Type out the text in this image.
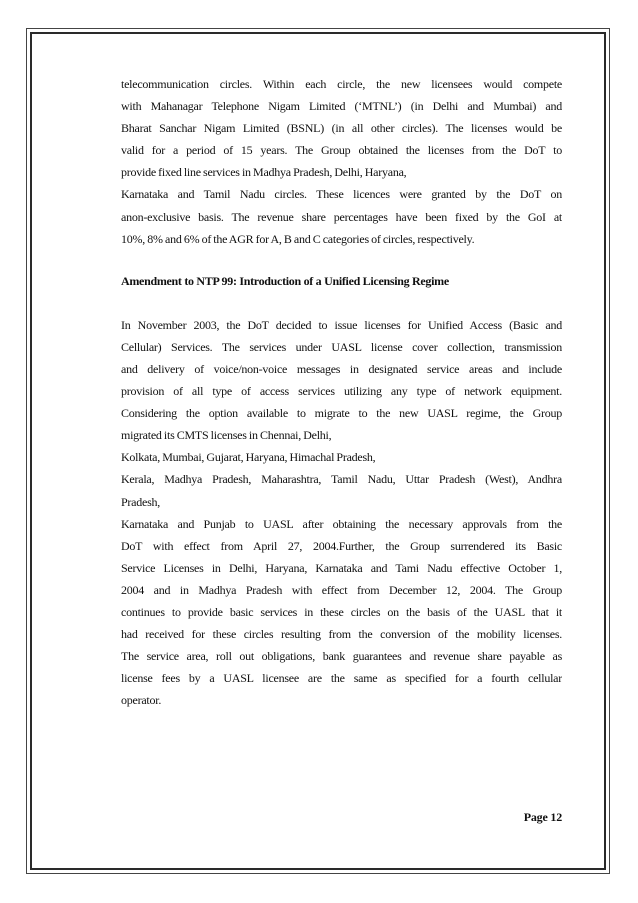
telecommunication circles. Within each circle, the new licensees would compete
with Mahanagar Telephone Nigam Limited (‘MTNL’) (in Delhi and Mumbai) and
Bharat Sanchar Nigam Limited (BSNL) (in all other circles). The licenses would be
valid for a period of 15 years. The Group obtained the licenses from the DoT to
provide fixed line services in Madhya Pradesh, Delhi, Haryana,
Karnataka and Tamil Nadu circles. These licences were granted by the DoT on
anon-exclusive basis. The revenue share percentages have been fixed by the GoI at
10%, 8% and 6% of the AGR for A, B and C categories of circles, respectively.
Amendment to NTP 99: Introduction of a Unified Licensing Regime
In November 2003, the DoT decided to issue licenses for Unified Access (Basic and
Cellular) Services. The services under UASL license cover collection, transmission
and delivery of voice/non-voice messages in designated service areas and include
provision of all type of access services utilizing any type of network equipment.
Considering the option available to migrate to the new UASL regime, the Group
migrated its CMTS licenses in Chennai, Delhi,
Kolkata, Mumbai, Gujarat, Haryana, Himachal Pradesh,
Kerala, Madhya Pradesh, Maharashtra, Tamil Nadu, Uttar Pradesh (West), Andhra
Pradesh,
Karnataka and Punjab to UASL after obtaining the necessary approvals from the
DoT with effect from April 27, 2004.Further, the Group surrendered its Basic
Service Licenses in Delhi, Haryana, Karnataka and Tami Nadu effective October 1,
2004 and in Madhya Pradesh with effect from December 12, 2004. The Group
continues to provide basic services in these circles on the basis of the UASL that it
had received for these circles resulting from the conversion of the mobility licenses.
The service area, roll out obligations, bank guarantees and revenue share payable as
license fees by a UASL licensee are the same as specified for a fourth cellular
operator.
Page 12
